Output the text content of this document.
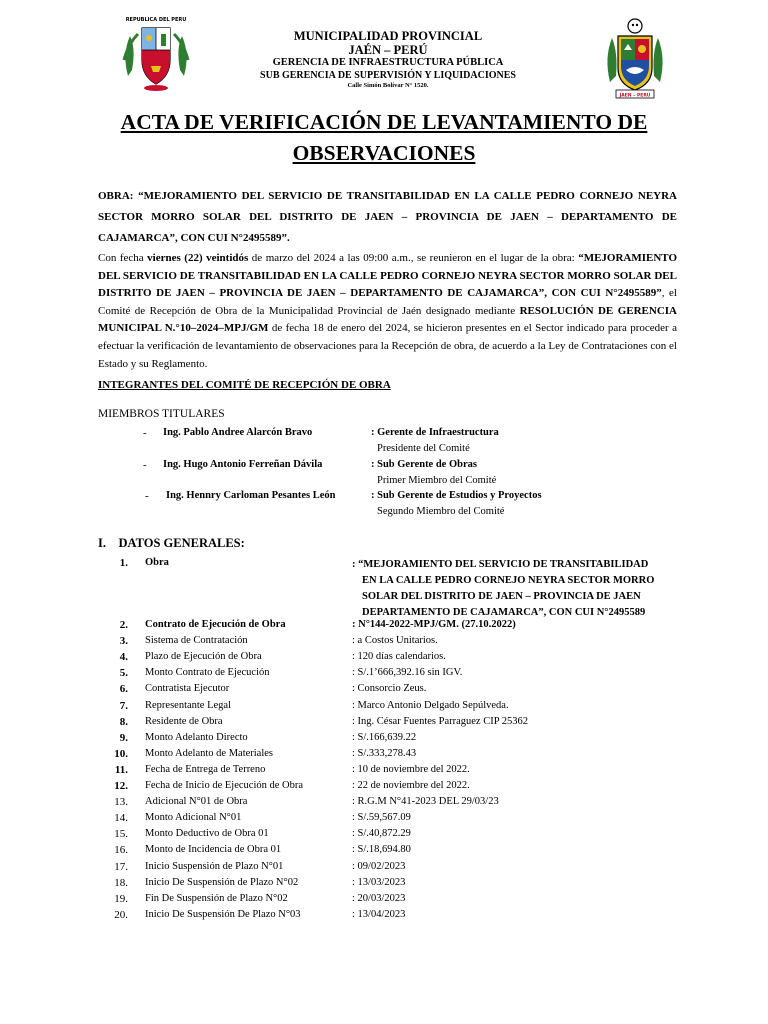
REPUBLICA DEL PERU
JAEN – PERU
MUNICIPALIDAD PROVINCIAL
JAÉN – PERÚ
GERENCIA DE INFRAESTRUCTURA PÚBLICA
SUB GERENCIA DE SUPERVISIÓN Y LIQUIDACIONES
Calle Simón Bolívar N° 1520.
ACTA DE VERIFICACIÓN DE LEVANTAMIENTO DE
OBSERVACIONES
OBRA: “MEJORAMIENTO DEL SERVICIO DE TRANSITABILIDAD EN LA CALLE PEDRO CORNEJO NEYRA SECTOR MORRO SOLAR DEL DISTRITO DE JAEN – PROVINCIA DE JAEN – DEPARTAMENTO DE CAJAMARCA”, CON CUI N°2495589”.
Con fecha viernes (22) veintidós de marzo del 2024 a las 09:00 a.m., se reunieron en el lugar de la obra: “MEJORAMIENTO DEL SERVICIO DE TRANSITABILIDAD EN LA CALLE PEDRO CORNEJO NEYRA SECTOR MORRO SOLAR DEL DISTRITO DE JAEN – PROVINCIA DE JAEN – DEPARTAMENTO DE CAJAMARCA”, CON CUI N°2495589”, el Comité de Recepción de Obra de la Municipalidad Provincial de Jaén designado mediante RESOLUCIÓN DE GERENCIA MUNICIPAL N.°10–2024–MPJ/GM de fecha 18 de enero del 2024, se hicieron presentes en el Sector indicado para proceder a efectuar la verificación de levantamiento de observaciones para la Recepción de obra, de acuerdo a la Ley de Contrataciones con el Estado y su Reglamento.
INTEGRANTES DEL COMITÉ DE RECEPCIÓN DE OBRA
MIEMBROS TITULARES
- Ing. Pablo Andree Alarcón Bravo	: Gerente de Infraestructura
Presidente del Comité
- Ing. Hugo Antonio Ferreñan Dávila	: Sub Gerente de Obras
Primer Miembro del Comité
- Ing. Hennry Carloman Pesantes León	: Sub Gerente de Estudios y Proyectos
Segundo Miembro del Comité
I.    DATOS GENERALES:
1. Obra	: “MEJORAMIENTO DEL SERVICIO DE TRANSITABILIDAD
EN LA CALLE PEDRO CORNEJO NEYRA SECTOR MORRO
SOLAR DEL DISTRITO DE JAEN – PROVINCIA DE JAEN
DEPARTAMENTO DE CAJAMARCA”, CON CUI N°2495589
2. Contrato de Ejecución de Obra	: N°144-2022-MPJ/GM. (27.10.2022)
3. Sistema de Contratación	: a Costos Unitarios.
4. Plazo de Ejecución de Obra	: 120 días calendarios.
5. Monto Contrato de Ejecución	: S/.1’666,392.16 sin IGV.
6. Contratista Ejecutor	: Consorcio Zeus.
7. Representante Legal	: Marco Antonio Delgado Sepúlveda.
8. Residente de Obra	: Ing. César Fuentes Parraguez CIP 25362
9. Monto Adelanto Directo	: S/.166,639.22
10. Monto Adelanto de Materiales	: S/.333,278.43
11. Fecha de Entrega de Terreno	: 10 de noviembre del 2022.
12. Fecha de Inicio de Ejecución de Obra	: 22 de noviembre del 2022.
13. Adicional N°01 de Obra	: R.G.M N°41-2023 DEL 29/03/23
14. Monto Adicional N°01	: S/.59,567.09
15. Monto Deductivo de Obra 01	: S/.40,872.29
16. Monto de Incidencia de Obra 01	: S/.18,694.80
17. Inicio Suspensión de Plazo N°01	: 09/02/2023
18. Inicio De Suspensión de Plazo N°02	: 13/03/2023
19. Fin De Suspensión de Plazo N°02	: 20/03/2023
20. Inicio De Suspensión De Plazo N°03	: 13/04/2023
